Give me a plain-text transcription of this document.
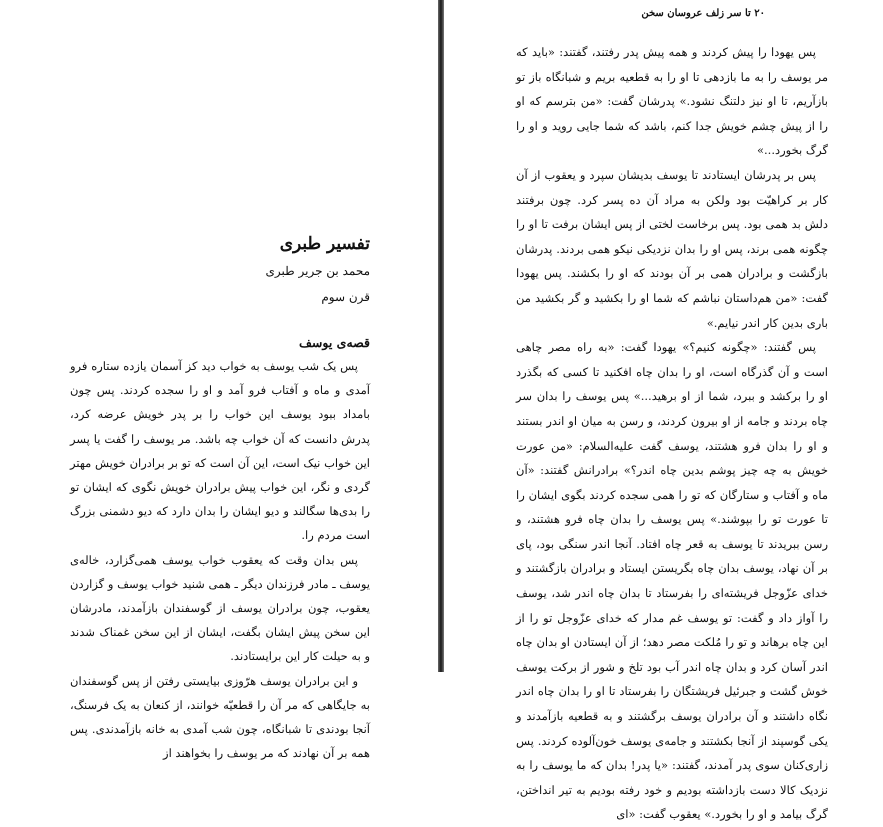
۲۰ تا سر زلف عروسان سخن

پس یهودا را پیش کردند و همه پیش پدر رفتند، گفتند: «باید که مر یوسف را به ما بازدهی تا او را به قطعیه بریم و شبانگاه باز تو بازآریم، تا او نیز دلتنگ نشود.» پدرشان گفت: «من بترسم که او را از پیش چشم خویش جدا کنم، باشد که شما جایی روید و او را گرگ بخورد...»

پس بر پدرشان ایستادند تا یوسف بدیشان سپرد و یعقوب از آن کار بر کراهیّت بود ولکن به مراد آن ده پسر کرد. چون برفتند دلش بد همی بود. پس برخاست لختی از پس ایشان برفت تا او را چگونه همی برند، پس او را بدان نزدیکی نیکو همی بردند. پدرشان بازگشت و برادران همی بر آن بودند که او را بکشند. پس یهودا گفت: «من هم‌داستان نباشم که شما او را بکشید و گر بکشید من باری بدین کار اندر نیایم.»

پس گفتند: «چگونه کنیم؟» یهودا گفت: «به راه مصر چاهی است و آن گذرگاه است، او را بدان چاه افکنید تا کسی که بگذرد او را برکشد و ببرد، شما از او برهید...» پس یوسف را بدان سر چاه بردند و جامه از او بیرون کردند، و رسن به میان او اندر بستند و او را بدان فرو هشتند، یوسف گفت علیه‌السلام: «من عورت خویش به چه چیز پوشم بدین چاه اندر؟» برادرانش گفتند: «آن ماه و آفتاب و ستارگان که تو را همی سجده کردند بگوی ایشان را تا عورت تو را بپوشند.» پس یوسف را بدان چاه فرو هشتند، و رسن ببریدند تا یوسف به قعر چاه افتاد. آنجا اندر سنگی بود، پای بر آن نهاد، یوسف بدان چاه بگریستن ایستاد و برادران بازگشتند و خدای عزّوجل فریشته‌ای را بفرستاد تا بدان چاه اندر شد، یوسف را آواز داد و گفت: تو یوسف غم مدار که خدای عزّوجل تو را از این چاه برهاند و تو را مُلکت مصر دهد؛ از آن ایستادن او بدان چاه اندر آسان کرد و بدان چاه اندر آب بود تلخ و شور از برکت یوسف خوش گشت و جبرئیل فریشتگان را بفرستاد تا او را بدان چاه اندر نگاه داشتند و آن برادران یوسف برگشتند و به قطعیه بازآمدند و یکی گوسپند از آنجا بکشتند و جامه‌ی یوسف خون‌آلوده کردند. پس زاری‌کنان سوی پدر آمدند، گفتند: «یا پدر! بدان که ما یوسف را به نزدیک کالا دست بازداشته بودیم و خود رفته بودیم به تیر انداختن، گرگ بیامد و او را بخورد.» یعقوب گفت: «ای

تفسیر طبری
محمد بن جریر طبری
قرن سوم
قصه‌ی یوسف

پس یک شب یوسف به خواب دید کز آسمان یازده ستاره فرو آمدی و ماه و آفتاب فرو آمد و او را سجده کردند. پس چون بامداد ببود یوسف این خواب را بر پدر خویش عرضه کرد، پدرش دانست که آن خواب چه باشد. مر یوسف را گفت یا پسر این خواب نیک است، این آن است که تو بر برادران خویش مهتر گردی و نگر، این خواب پیش برادران خویش نگوی که ایشان تو را بدی‌ها سگالند و دیو ایشان را بدان دارد که دیو دشمنی بزرگ است مردم را.

پس بدان وقت که یعقوب خواب یوسف همی‌گزارد، خاله‌ی یوسف ـ مادر فرزندان دیگر ـ همی شنید خواب یوسف و گزاردن یعقوب، چون برادران یوسف از گوسفندان بازآمدند، مادرشان این سخن پیش ایشان بگفت، ایشان از این سخن غمناک شدند و به حیلت کار این برایستادند.

و این برادران یوسف هرّوزی بیایستی رفتن از پس گوسفندان به جایگاهی که مر آن را قطعیّه خوانند، از کنعان به یک فرسنگ، آنجا بودندی تا شبانگاه، چون شب آمدی به خانه بازآمدندی. پس همه بر آن نهادند که مر یوسف را بخواهند از
